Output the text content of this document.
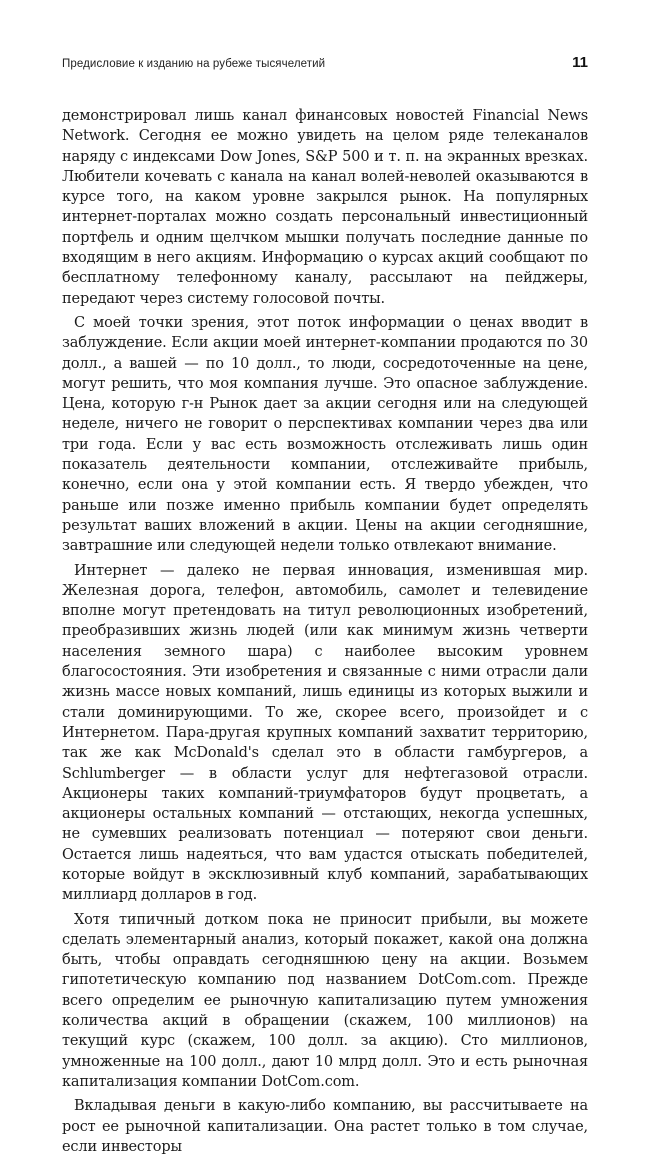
Предисловие к изданию на рубеже тысячелетий	11

демонстрировал лишь канал финансовых новостей Financial News Network. Сегодня ее можно увидеть на целом ряде телеканалов наряду с индексами Dow Jones, S&P 500 и т. п. на экранных врезках. Любители кочевать с канала на канал волей-неволей оказываются в курсе того, на каком уровне закрылся рынок. На популярных интернет-порталах можно создать персональный инвестиционный портфель и одним щелчком мышки получать последние данные по входящим в него акциям. Информацию о курсах акций сообщают по бесплатному телефонному каналу, рассылают на пейджеры, передают через систему голосовой почты.

С моей точки зрения, этот поток информации о ценах вводит в заблуждение. Если акции моей интернет-компании продаются по 30 долл., а вашей — по 10 долл., то люди, сосредоточенные на цене, могут решить, что моя компания лучше. Это опасное заблуждение. Цена, которую г-н Рынок дает за акции сегодня или на следующей неделе, ничего не говорит о перспективах компании через два или три года. Если у вас есть возможность отслеживать лишь один показатель деятельности компании, отслеживайте прибыль, конечно, если она у этой компании есть. Я твердо убежден, что раньше или позже именно прибыль компании будет определять результат ваших вложений в акции. Цены на акции сегодняшние, завтрашние или следующей недели только отвлекают внимание.

Интернет — далеко не первая инновация, изменившая мир. Железная дорога, телефон, автомобиль, самолет и телевидение вполне могут претендовать на титул революционных изобретений, преобразивших жизнь людей (или как минимум жизнь четверти населения земного шара) с наиболее высоким уровнем благосостояния. Эти изобретения и связанные с ними отрасли дали жизнь массе новых компаний, лишь единицы из которых выжили и стали доминирующими. То же, скорее всего, произойдет и с Интернетом. Пара-другая крупных компаний захватит территорию, так же как McDonald's сделал это в области гамбургеров, а Schlumberger — в области услуг для нефтегазовой отрасли. Акционеры таких компаний-триумфаторов будут процветать, а акционеры остальных компаний — отстающих, некогда успешных, не сумевших реализовать потенциал — потеряют свои деньги. Остается лишь надеяться, что вам удастся отыскать победителей, которые войдут в эксклюзивный клуб компаний, зарабатывающих миллиард долларов в год.

Хотя типичный дотком пока не приносит прибыли, вы можете сделать элементарный анализ, который покажет, какой она должна быть, чтобы оправдать сегодняшнюю цену на акции. Возьмем гипотетическую компанию под названием DotCom.com. Прежде всего определим ее рыночную капитализацию путем умножения количества акций в обращении (скажем, 100 миллионов) на текущий курс (скажем, 100 долл. за акцию). Сто миллионов, умноженные на 100 долл., дают 10 млрд долл. Это и есть рыночная капитализация компании DotCom.com.

Вкладывая деньги в какую-либо компанию, вы рассчитываете на рост ее рыночной капитализации. Она растет только в том случае, если инвесторы
